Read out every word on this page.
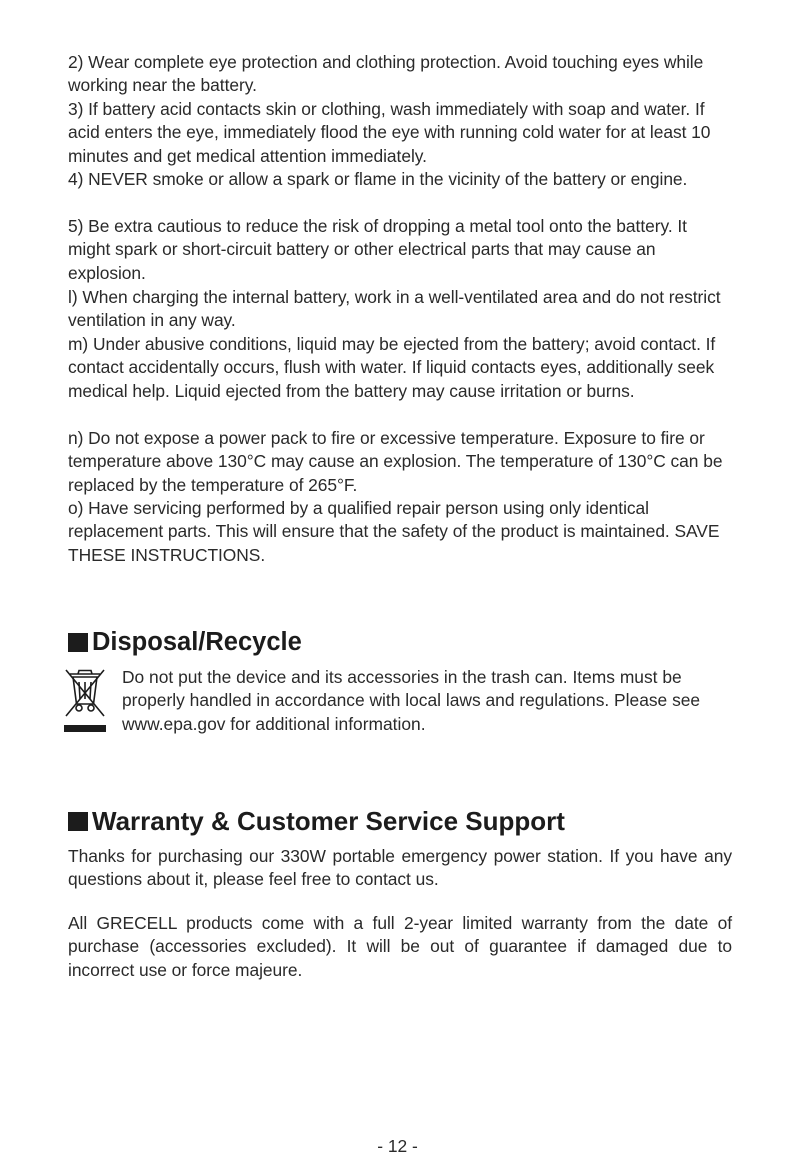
2) Wear complete eye protection and clothing protection. Avoid touching eyes while working near the battery.

3) If battery acid contacts skin or clothing, wash immediately with soap and water. If acid enters the eye, immediately flood the eye with running cold water for at least 10 minutes and get medical attention immediately.

4) NEVER smoke or allow a spark or flame in the vicinity of the battery or engine.

5) Be extra cautious to reduce the risk of dropping a metal tool onto the battery. It might spark or short-circuit battery or other electrical parts that may cause an explosion.

l) When charging the internal battery, work in a well-ventilated area and do not restrict ventilation in any way.

m) Under abusive conditions, liquid may be ejected from the battery; avoid contact. If contact accidentally occurs, flush with water. If liquid contacts eyes, additionally seek medical help. Liquid ejected from the battery may cause irritation or burns.

n) Do not expose a power pack to fire or excessive temperature. Exposure to fire or temperature above 130°C may cause an explosion. The temperature of 130°C can be replaced by the temperature of 265°F.

o) Have servicing performed by a qualified repair person using only identical replacement parts. This will ensure that the safety of the product is maintained. SAVE THESE INSTRUCTIONS.

Disposal/Recycle

Do not put the device and its accessories in the trash can. Items must be properly handled in accordance with local laws and regulations. Please see www.epa.gov for additional information.

Warranty & Customer Service Support

Thanks for purchasing our 330W portable emergency power station. If you have any questions about it, please feel free to contact us.

All GRECELL products come with a full 2-year limited warranty from the date of purchase (accessories excluded). It will be out of guarantee if damaged due to incorrect use or force majeure.

- 12 -
